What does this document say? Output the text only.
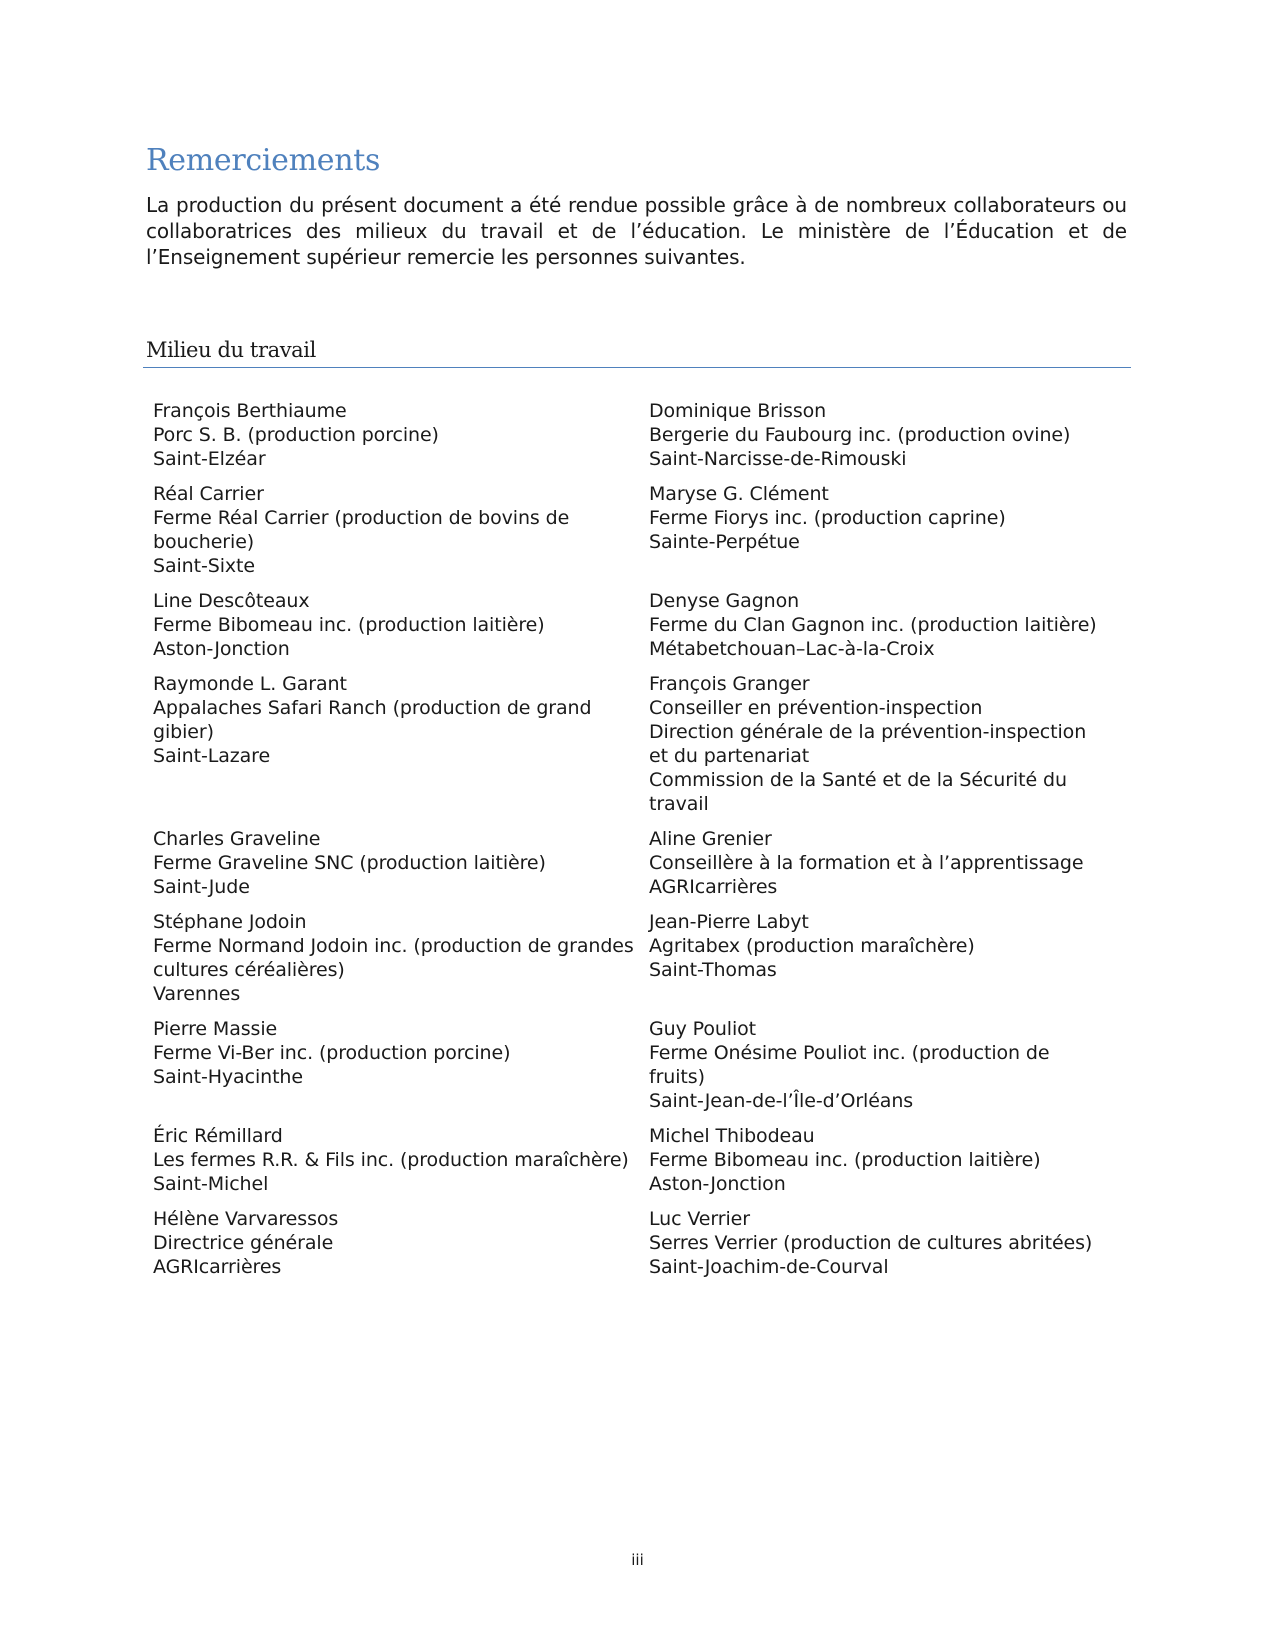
Remerciements

La production du présent document a été rendue possible grâce à de nombreux collaborateurs ou collaboratrices des milieux du travail et de l’éducation. Le ministère de l’Éducation et de l’Enseignement supérieur remercie les personnes suivantes.

Milieu du travail
François Berthiaume
Porc S. B. (production porcine)
Saint-Elzéar
Dominique Brisson
Bergerie du Faubourg inc. (production ovine)
Saint-Narcisse-de-Rimouski
Réal Carrier
Ferme Réal Carrier (production de bovins de boucherie)
Saint-Sixte
Maryse G. Clément
Ferme Fiorys inc. (production caprine)
Sainte-Perpétue
Line Descôteaux
Ferme Bibomeau inc. (production laitière)
Aston-Jonction
Denyse Gagnon
Ferme du Clan Gagnon inc. (production laitière)
Métabetchouan–Lac-à-la-Croix
Raymonde L. Garant
Appalaches Safari Ranch (production de grand gibier)
Saint-Lazare
François Granger
Conseiller en prévention-inspection
Direction générale de la prévention-inspection et du partenariat
Commission de la Santé et de la Sécurité du travail
Charles Graveline
Ferme Graveline SNC (production laitière)
Saint-Jude
Aline Grenier
Conseillère à la formation et à l’apprentissage
AGRIcarrières
Stéphane Jodoin
Ferme Normand Jodoin inc. (production de grandes cultures céréalières)
Varennes
Jean-Pierre Labyt
Agritabex (production maraîchère)
Saint-Thomas
Pierre Massie
Ferme Vi-Ber inc. (production porcine)
Saint-Hyacinthe
Guy Pouliot
Ferme Onésime Pouliot inc. (production de fruits)
Saint-Jean-de-l’Île-d’Orléans
Éric Rémillard
Les fermes R.R. & Fils inc. (production maraîchère)
Saint-Michel
Michel Thibodeau
Ferme Bibomeau inc. (production laitière)
Aston-Jonction
Hélène Varvaressos
Directrice générale
AGRIcarrières
Luc Verrier
Serres Verrier (production de cultures abritées)
Saint-Joachim-de-Courval
iii
